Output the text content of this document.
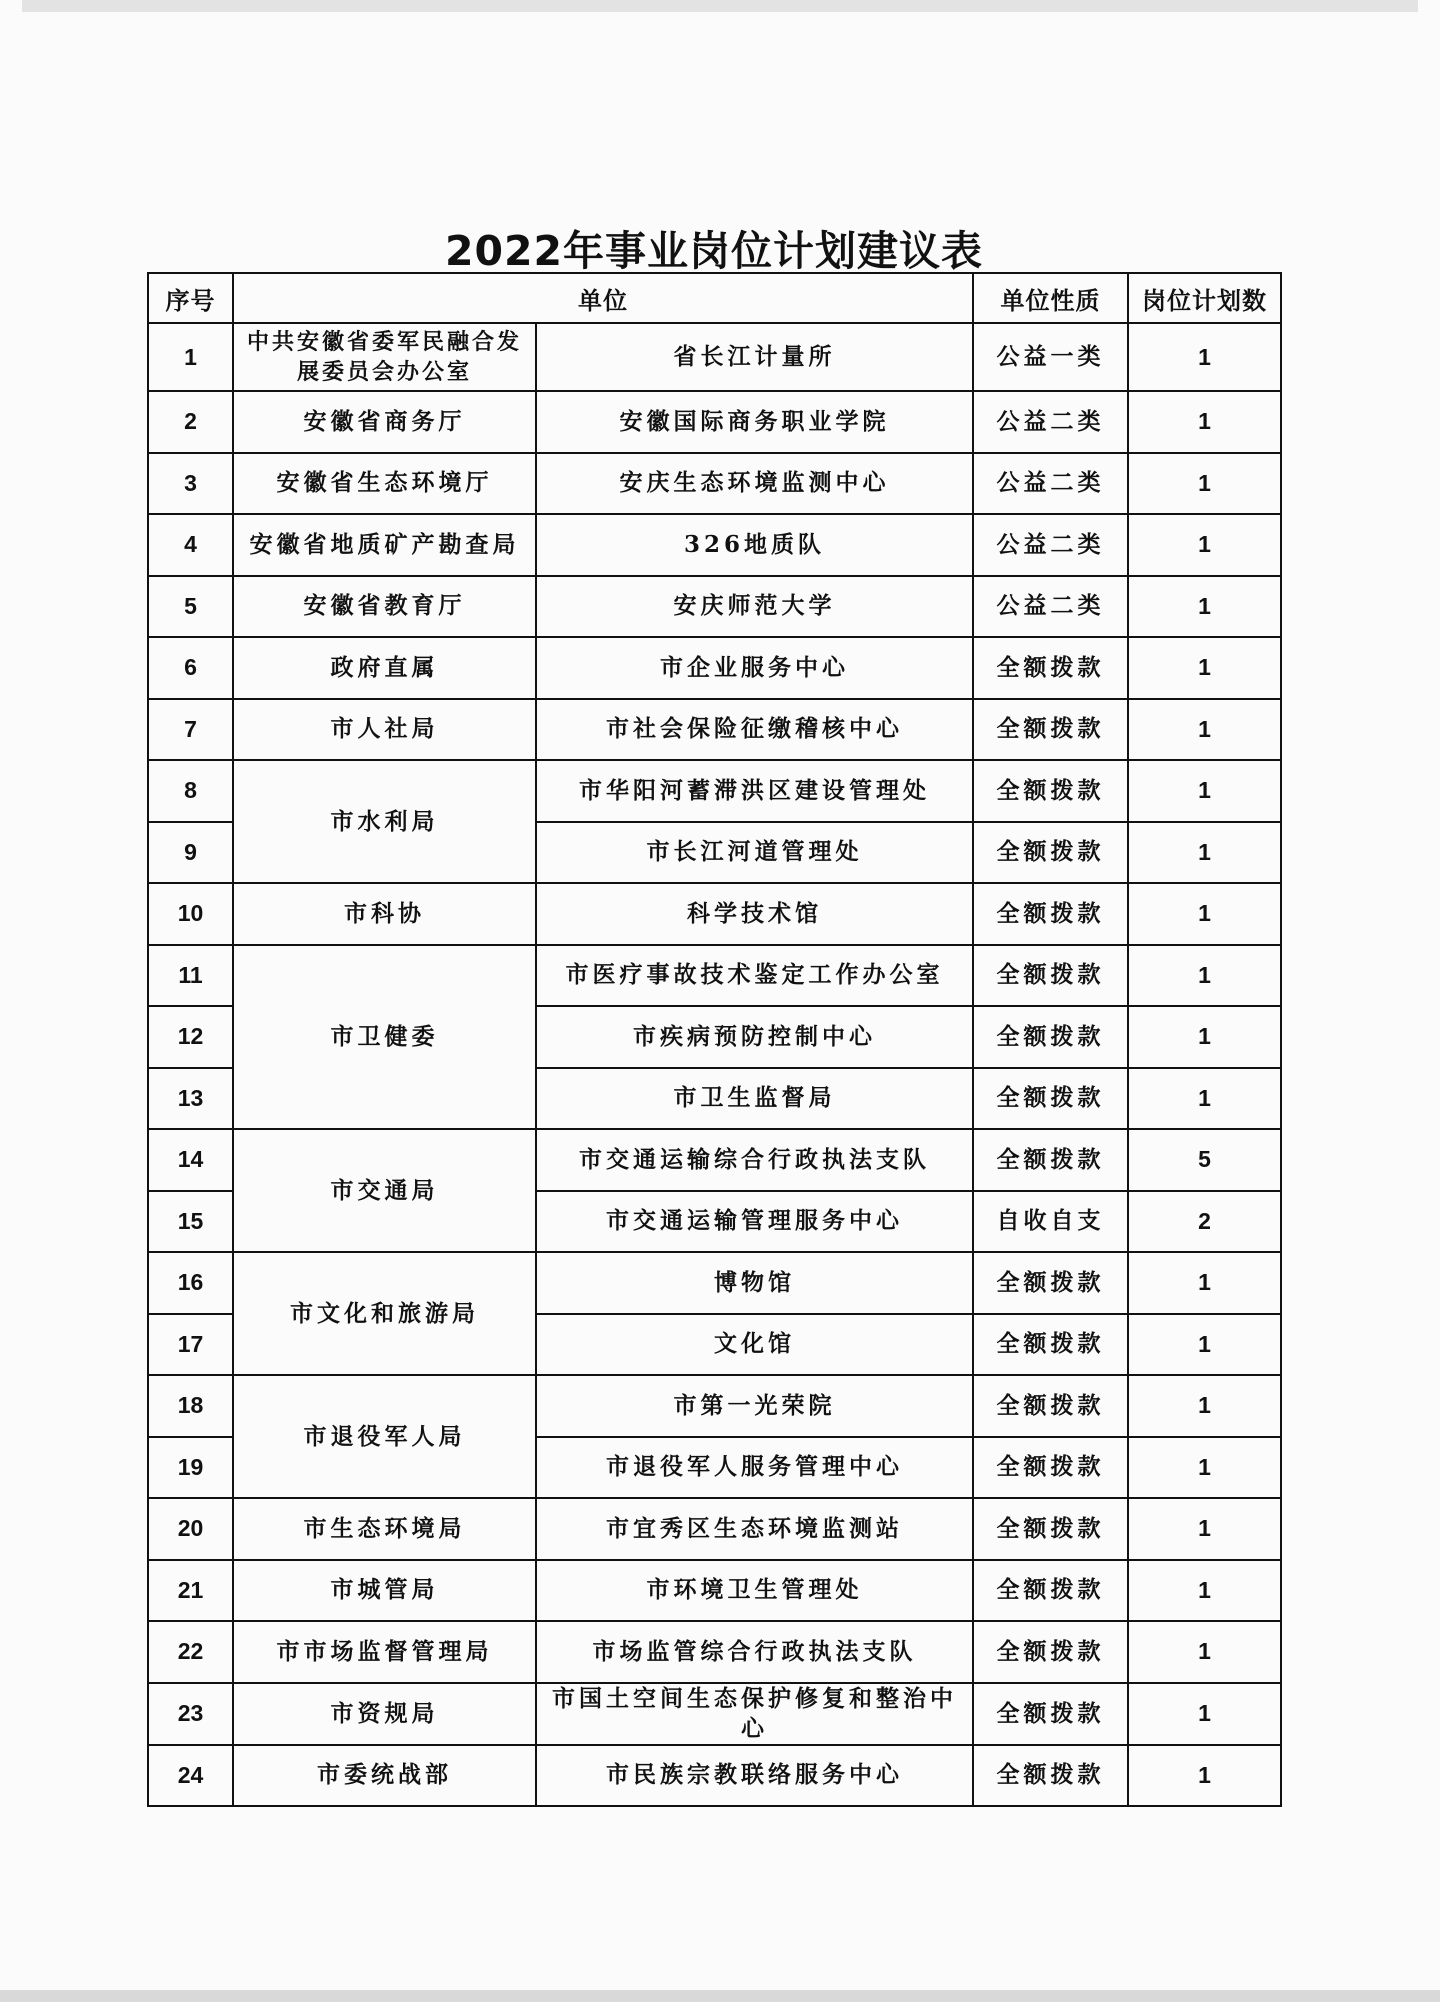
2022年事业岗位计划建议表
序号	单位		单位性质	岗位计划数
1	中共安徽省委军民融合发展委员会办公室	省长江计量所	公益一类	1
2	安徽省商务厅	安徽国际商务职业学院	公益二类	1
3	安徽省生态环境厅	安庆生态环境监测中心	公益二类	1
4	安徽省地质矿产勘查局	326地质队	公益二类	1
5	安徽省教育厅	安庆师范大学	公益二类	1
6	政府直属	市企业服务中心	全额拨款	1
7	市人社局	市社会保险征缴稽核中心	全额拨款	1
8	市水利局	市华阳河蓄滞洪区建设管理处	全额拨款	1
9		市长江河道管理处	全额拨款	1
10	市科协	科学技术馆	全额拨款	1
11	市卫健委	市医疗事故技术鉴定工作办公室	全额拨款	1
12		市疾病预防控制中心	全额拨款	1
13		市卫生监督局	全额拨款	1
14	市交通局	市交通运输综合行政执法支队	全额拨款	5
15		市交通运输管理服务中心	自收自支	2
16	市文化和旅游局	博物馆	全额拨款	1
17		文化馆	全额拨款	1
18	市退役军人局	市第一光荣院	全额拨款	1
19		市退役军人服务管理中心	全额拨款	1
20	市生态环境局	市宜秀区生态环境监测站	全额拨款	1
21	市城管局	市环境卫生管理处	全额拨款	1
22	市市场监督管理局	市场监管综合行政执法支队	全额拨款	1
23	市资规局	市国土空间生态保护修复和整治中心	全额拨款	1
24	市委统战部	市民族宗教联络服务中心	全额拨款	1
